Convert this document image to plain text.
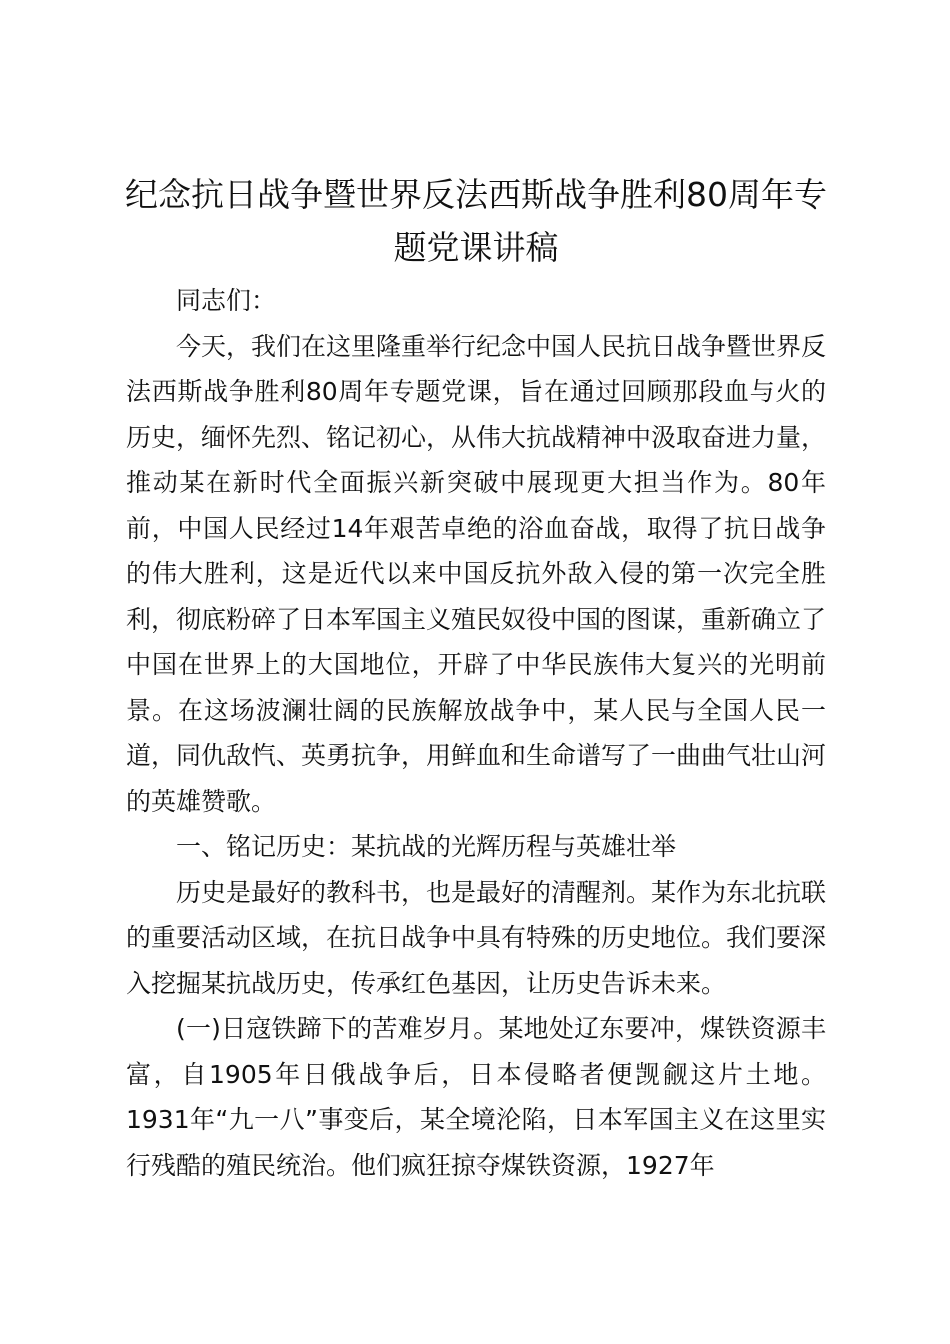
纪念抗日战争暨世界反法西斯战争胜利80周年专题党课讲稿

同志们：

今天，我们在这里隆重举行纪念中国人民抗日战争暨世界反法西斯战争胜利80周年专题党课，旨在通过回顾那段血与火的历史，缅怀先烈、铭记初心，从伟大抗战精神中汲取奋进力量，推动某在新时代全面振兴新突破中展现更大担当作为。80年前，中国人民经过14年艰苦卓绝的浴血奋战，取得了抗日战争的伟大胜利，这是近代以来中国反抗外敌入侵的第一次完全胜利，彻底粉碎了日本军国主义殖民奴役中国的图谋，重新确立了中国在世界上的大国地位，开辟了中华民族伟大复兴的光明前景。在这场波澜壮阔的民族解放战争中，某人民与全国人民一道，同仇敌忾、英勇抗争，用鲜血和生命谱写了一曲曲气壮山河的英雄赞歌。

一、铭记历史：某抗战的光辉历程与英雄壮举

历史是最好的教科书，也是最好的清醒剂。某作为东北抗联的重要活动区域，在抗日战争中具有特殊的历史地位。我们要深入挖掘某抗战历史，传承红色基因，让历史告诉未来。

(一)日寇铁蹄下的苦难岁月。某地处辽东要冲，煤铁资源丰富，自1905年日俄战争后，日本侵略者便觊觎这片土地。1931年“九一八”事变后，某全境沦陷，日本军国主义在这里实行残酷的殖民统治。他们疯狂掠夺煤铁资源，1927年
